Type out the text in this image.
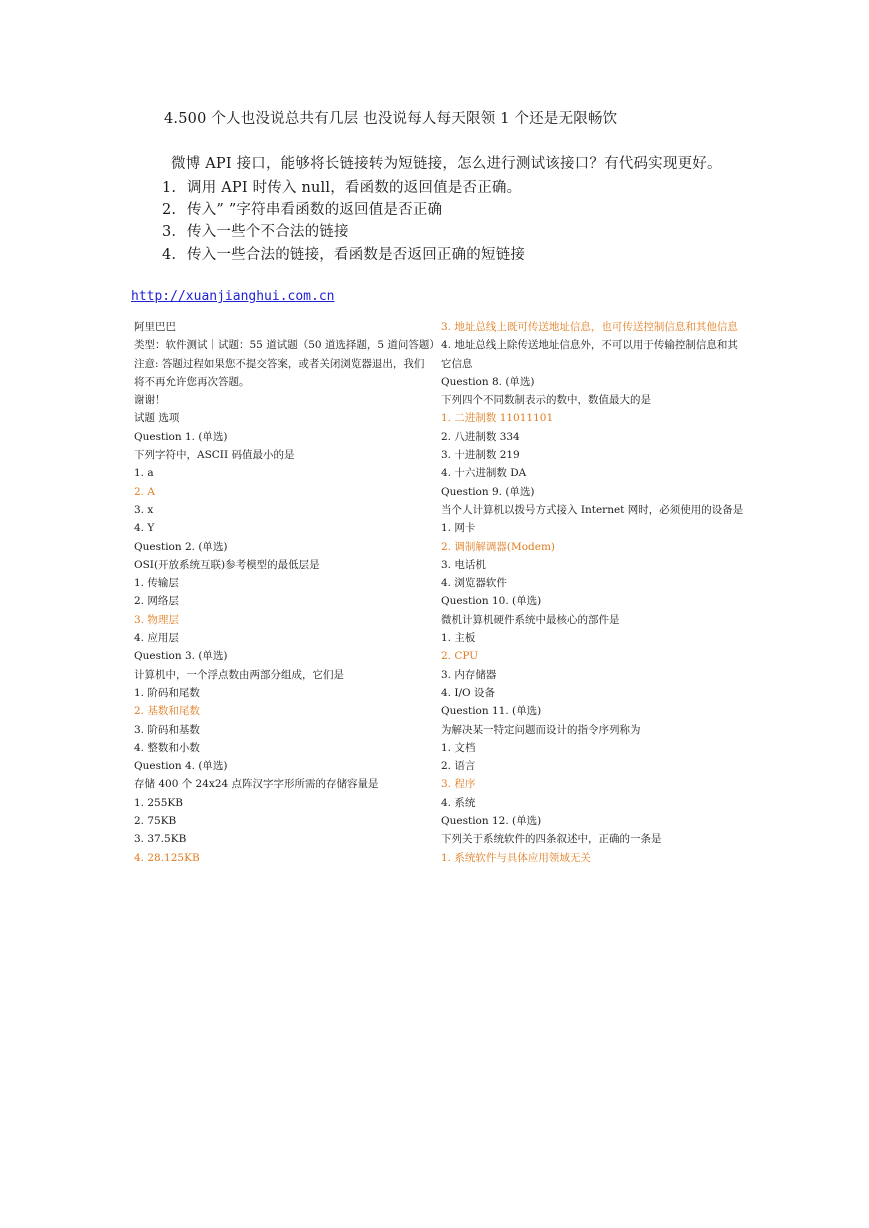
4.500 个人也没说总共有几层 也没说每人每天限领 1 个还是无限畅饮
微博 API 接口，能够将长链接转为短链接，怎么进行测试该接口？有代码实现更好。
1. 调用 API 时传入 null，看函数的返回值是否正确。
2. 传入” ”字符串看函数的返回值是否正确
3. 传入一些个不合法的链接
4. 传入一些合法的链接，看函数是否返回正确的短链接
http://xuanjianghui.com.cn
阿里巴巴
类型：软件测试｜试题：55 道试题（50 道选择题，5 道问答题）
注意: 答题过程如果您不提交答案，或者关闭浏览器退出，我们
将不再允许您再次答题。
谢谢！
试题 选项
Question 1. (单选)
下列字符中，ASCII 码值最小的是
1. a
2. A
3. x
4. Y
Question 2. (单选)
OSI(开放系统互联)参考模型的最低层是
1. 传输层
2. 网络层
3. 物理层
4. 应用层
Question 3. (单选)
计算机中，一个浮点数由两部分组成，它们是
1. 阶码和尾数
2. 基数和尾数
3. 阶码和基数
4. 整数和小数
Question 4. (单选)
存储 400 个 24x24 点阵汉字字形所需的存储容量是
1. 255KB
2. 75KB
3. 37.5KB
4. 28.125KB
3. 地址总线上既可传送地址信息，也可传送控制信息和其他信息
4. 地址总线上除传送地址信息外，不可以用于传输控制信息和其
它信息
Question 8. (单选)
下列四个不同数制表示的数中，数值最大的是
1. 二进制数 11011101
2. 八进制数 334
3. 十进制数 219
4. 十六进制数 DA
Question 9. (单选)
当个人计算机以拨号方式接入 Internet 网时，必须使用的设备是
1. 网卡
2. 调制解调器(Modem)
3. 电话机
4. 浏览器软件
Question 10. (单选)
微机计算机硬件系统中最核心的部件是
1. 主板
2. CPU
3. 内存储器
4. I/O 设备
Question 11. (单选)
为解决某一特定问题而设计的指令序列称为
1. 文档
2. 语言
3. 程序
4. 系统
Question 12. (单选)
下列关于系统软件的四条叙述中，正确的一条是
1. 系统软件与具体应用领域无关
